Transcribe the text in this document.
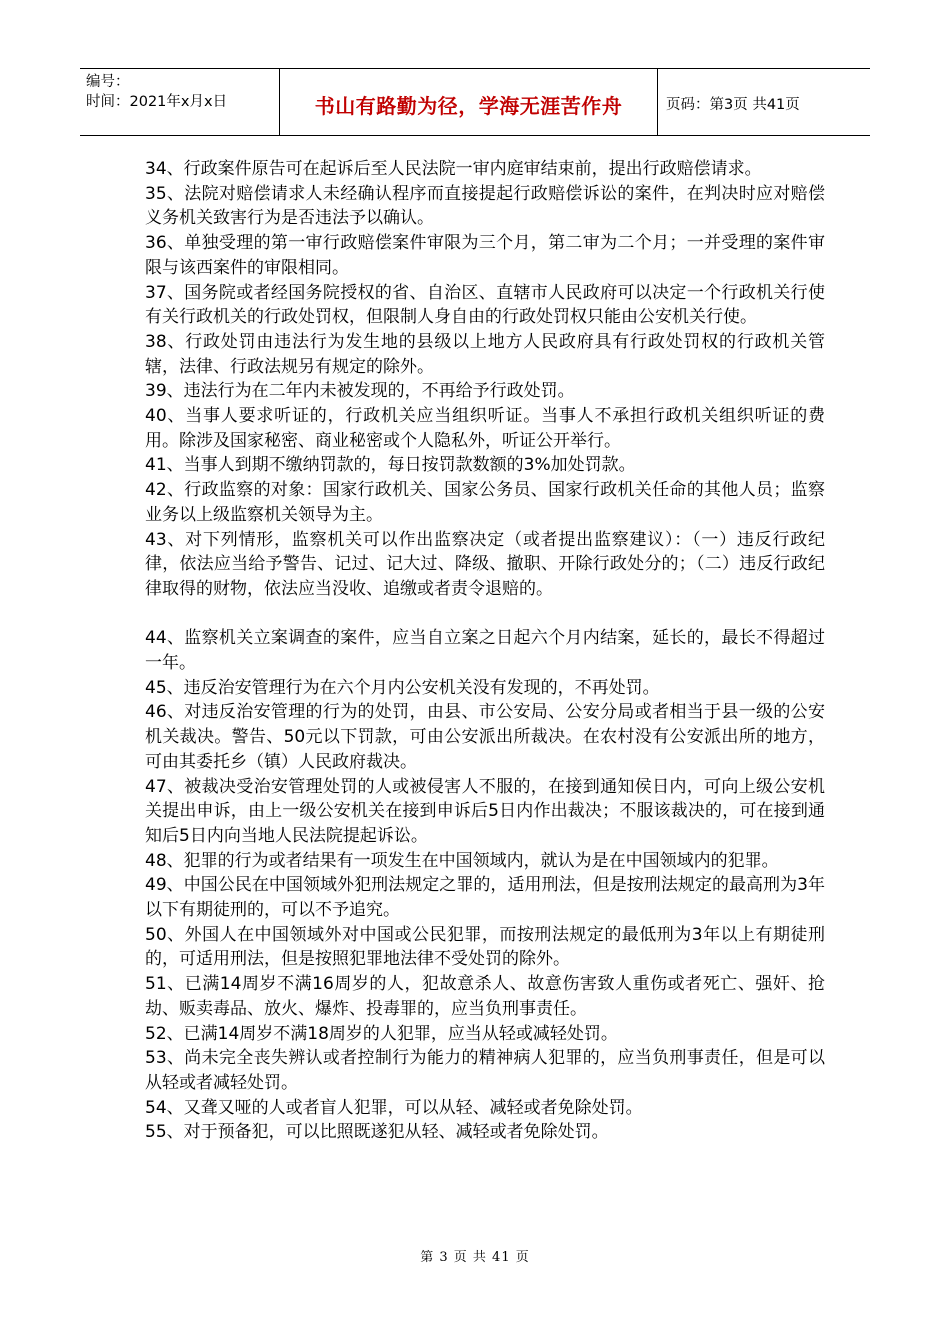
编号：
时间：2021年x月x日	书山有路勤为径，学海无涯苦作舟	页码：第3页 共41页

34、行政案件原告可在起诉后至人民法院一审内庭审结束前，提出行政赔偿请求。

35、法院对赔偿请求人未经确认程序而直接提起行政赔偿诉讼的案件，在判决时应对赔偿义务机关致害行为是否违法予以确认。

36、单独受理的第一审行政赔偿案件审限为三个月，第二审为二个月；一并受理的案件审限与该西案件的审限相同。

37、国务院或者经国务院授权的省、自治区、直辖市人民政府可以决定一个行政机关行使有关行政机关的行政处罚权，但限制人身自由的行政处罚权只能由公安机关行使。

38、行政处罚由违法行为发生地的县级以上地方人民政府具有行政处罚权的行政机关管辖，法律、行政法规另有规定的除外。

39、违法行为在二年内未被发现的，不再给予行政处罚。

40、当事人要求听证的，行政机关应当组织听证。当事人不承担行政机关组织听证的费用。除涉及国家秘密、商业秘密或个人隐私外，听证公开举行。

41、当事人到期不缴纳罚款的，每日按罚款数额的3%加处罚款。

42、行政监察的对象：国家行政机关、国家公务员、国家行政机关任命的其他人员；监察业务以上级监察机关领导为主。

43、对下列情形，监察机关可以作出监察决定（或者提出监察建议）：（一）违反行政纪律，依法应当给予警告、记过、记大过、降级、撤职、开除行政处分的；（二）违反行政纪律取得的财物，依法应当没收、追缴或者责令退赔的。

44、监察机关立案调查的案件，应当自立案之日起六个月内结案，延长的，最长不得超过一年。

45、违反治安管理行为在六个月内公安机关没有发现的，不再处罚。

46、对违反治安管理的行为的处罚，由县、市公安局、公安分局或者相当于县一级的公安机关裁决。警告、50元以下罚款，可由公安派出所裁决。在农村没有公安派出所的地方，可由其委托乡（镇）人民政府裁决。

47、被裁决受治安管理处罚的人或被侵害人不服的，在接到通知侯日内，可向上级公安机关提出申诉，由上一级公安机关在接到申诉后5日内作出裁决；不服该裁决的，可在接到通知后5日内向当地人民法院提起诉讼。

48、犯罪的行为或者结果有一项发生在中国领域内，就认为是在中国领域内的犯罪。

49、中国公民在中国领域外犯刑法规定之罪的，适用刑法，但是按刑法规定的最高刑为3年以下有期徒刑的，可以不予追究。

50、外国人在中国领域外对中国或公民犯罪，而按刑法规定的最低刑为3年以上有期徒刑的，可适用刑法，但是按照犯罪地法律不受处罚的除外。

51、已满14周岁不满16周岁的人，犯故意杀人、故意伤害致人重伤或者死亡、强奸、抢劫、贩卖毒品、放火、爆炸、投毒罪的，应当负刑事责任。

52、已满14周岁不满18周岁的人犯罪，应当从轻或减轻处罚。

53、尚未完全丧失辨认或者控制行为能力的精神病人犯罪的，应当负刑事责任，但是可以从轻或者减轻处罚。

54、又聋又哑的人或者盲人犯罪，可以从轻、减轻或者免除处罚。

55、对于预备犯，可以比照既遂犯从轻、减轻或者免除处罚。

第 3 页 共 41 页
